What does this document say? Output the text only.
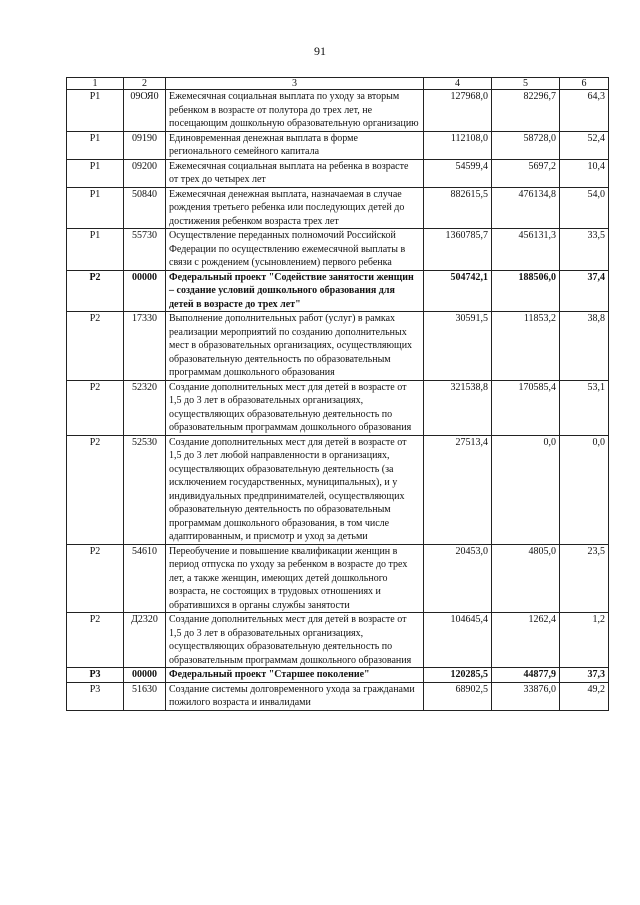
91
1	2	3	4	5	6
P1	09ОЯ0	Ежемесячная социальная выплата по уходу за вторым ребенком в возрасте от полутора до трех лет, не посещающим дошкольную образовательную организацию	127968,0	82296,7	64,3
P1	09190	Единовременная денежная выплата в форме регионального семейного капитала	112108,0	58728,0	52,4
P1	09200	Ежемесячная социальная выплата на ребенка в возрасте от трех до четырех лет	54599,4	5697,2	10,4
P1	50840	Ежемесячная денежная выплата, назначаемая в случае рождения третьего ребенка или последующих детей до достижения ребенком возраста трех лет	882615,5	476134,8	54,0
P1	55730	Осуществление переданных полномочий Российской Федерации по осуществлению ежемесячной выплаты в связи с рождением (усыновлением) первого ребенка	1360785,7	456131,3	33,5
P2	00000	Федеральный проект "Содействие занятости женщин – создание условий дошкольного образования для детей в возрасте до трех лет"	504742,1	188506,0	37,4
P2	17330	Выполнение дополнительных работ (услуг) в рамках реализации мероприятий по созданию дополнительных мест в образовательных организациях, осуществляющих образовательную деятельность по образовательным программам дошкольного образования	30591,5	11853,2	38,8
P2	52320	Создание дополнительных мест для детей в возрасте от 1,5 до 3 лет в образовательных организациях, осуществляющих образовательную деятельность по образовательным программам дошкольного образования	321538,8	170585,4	53,1
P2	52530	Создание дополнительных мест для детей в возрасте от 1,5 до 3 лет любой направленности в организациях, осуществляющих образовательную деятельность (за исключением государственных, муниципальных), и у индивидуальных предпринимателей, осуществляющих образовательную деятельность по образовательным программам дошкольного образования, в том числе адаптированным, и присмотр и уход за детьми	27513,4	0,0	0,0
P2	54610	Переобучение и повышение квалификации женщин в период отпуска по уходу за ребенком в возрасте до трех лет, а также женщин, имеющих детей дошкольного возраста, не состоящих в трудовых отношениях и обратившихся в органы службы занятости	20453,0	4805,0	23,5
P2	Д2320	Создание дополнительных мест для детей в возрасте от 1,5 до 3 лет в образовательных организациях, осуществляющих образовательную деятельность по образовательным программам дошкольного образования	104645,4	1262,4	1,2
P3	00000	Федеральный проект "Старшее поколение"	120285,5	44877,9	37,3
P3	51630	Создание системы долговременного ухода за гражданами пожилого возраста и инвалидами	68902,5	33876,0	49,2
